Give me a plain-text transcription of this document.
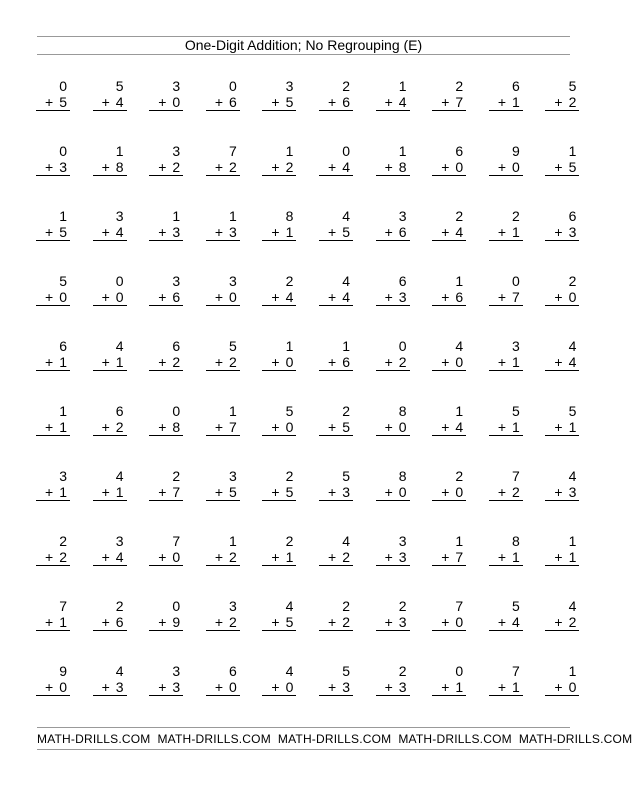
One-Digit Addition; No Regrouping (E)
0
+ 5
5
+ 4
3
+ 0
0
+ 6
3
+ 5
2
+ 6
1
+ 4
2
+ 7
6
+ 1
5
+ 2
0
+ 3
1
+ 8
3
+ 2
7
+ 2
1
+ 2
0
+ 4
1
+ 8
6
+ 0
9
+ 0
1
+ 5
1
+ 5
3
+ 4
1
+ 3
1
+ 3
8
+ 1
4
+ 5
3
+ 6
2
+ 4
2
+ 1
6
+ 3
5
+ 0
0
+ 0
3
+ 6
3
+ 0
2
+ 4
4
+ 4
6
+ 3
1
+ 6
0
+ 7
2
+ 0
6
+ 1
4
+ 1
6
+ 2
5
+ 2
1
+ 0
1
+ 6
0
+ 2
4
+ 0
3
+ 1
4
+ 4
1
+ 1
6
+ 2
0
+ 8
1
+ 7
5
+ 0
2
+ 5
8
+ 0
1
+ 4
5
+ 1
5
+ 1
3
+ 1
4
+ 1
2
+ 7
3
+ 5
2
+ 5
5
+ 3
8
+ 0
2
+ 0
7
+ 2
4
+ 3
2
+ 2
3
+ 4
7
+ 0
1
+ 2
2
+ 1
4
+ 2
3
+ 3
1
+ 7
8
+ 1
1
+ 1
7
+ 1
2
+ 6
0
+ 9
3
+ 2
4
+ 5
2
+ 2
2
+ 3
7
+ 0
5
+ 4
4
+ 2
9
+ 0
4
+ 3
3
+ 3
6
+ 0
4
+ 0
5
+ 3
2
+ 3
0
+ 1
7
+ 1
1
+ 0
MATH-DRILLS.COM MATH-DRILLS.COM MATH-DRILLS.COM MATH-DRILLS.COM MATH-DRILLS.COM
